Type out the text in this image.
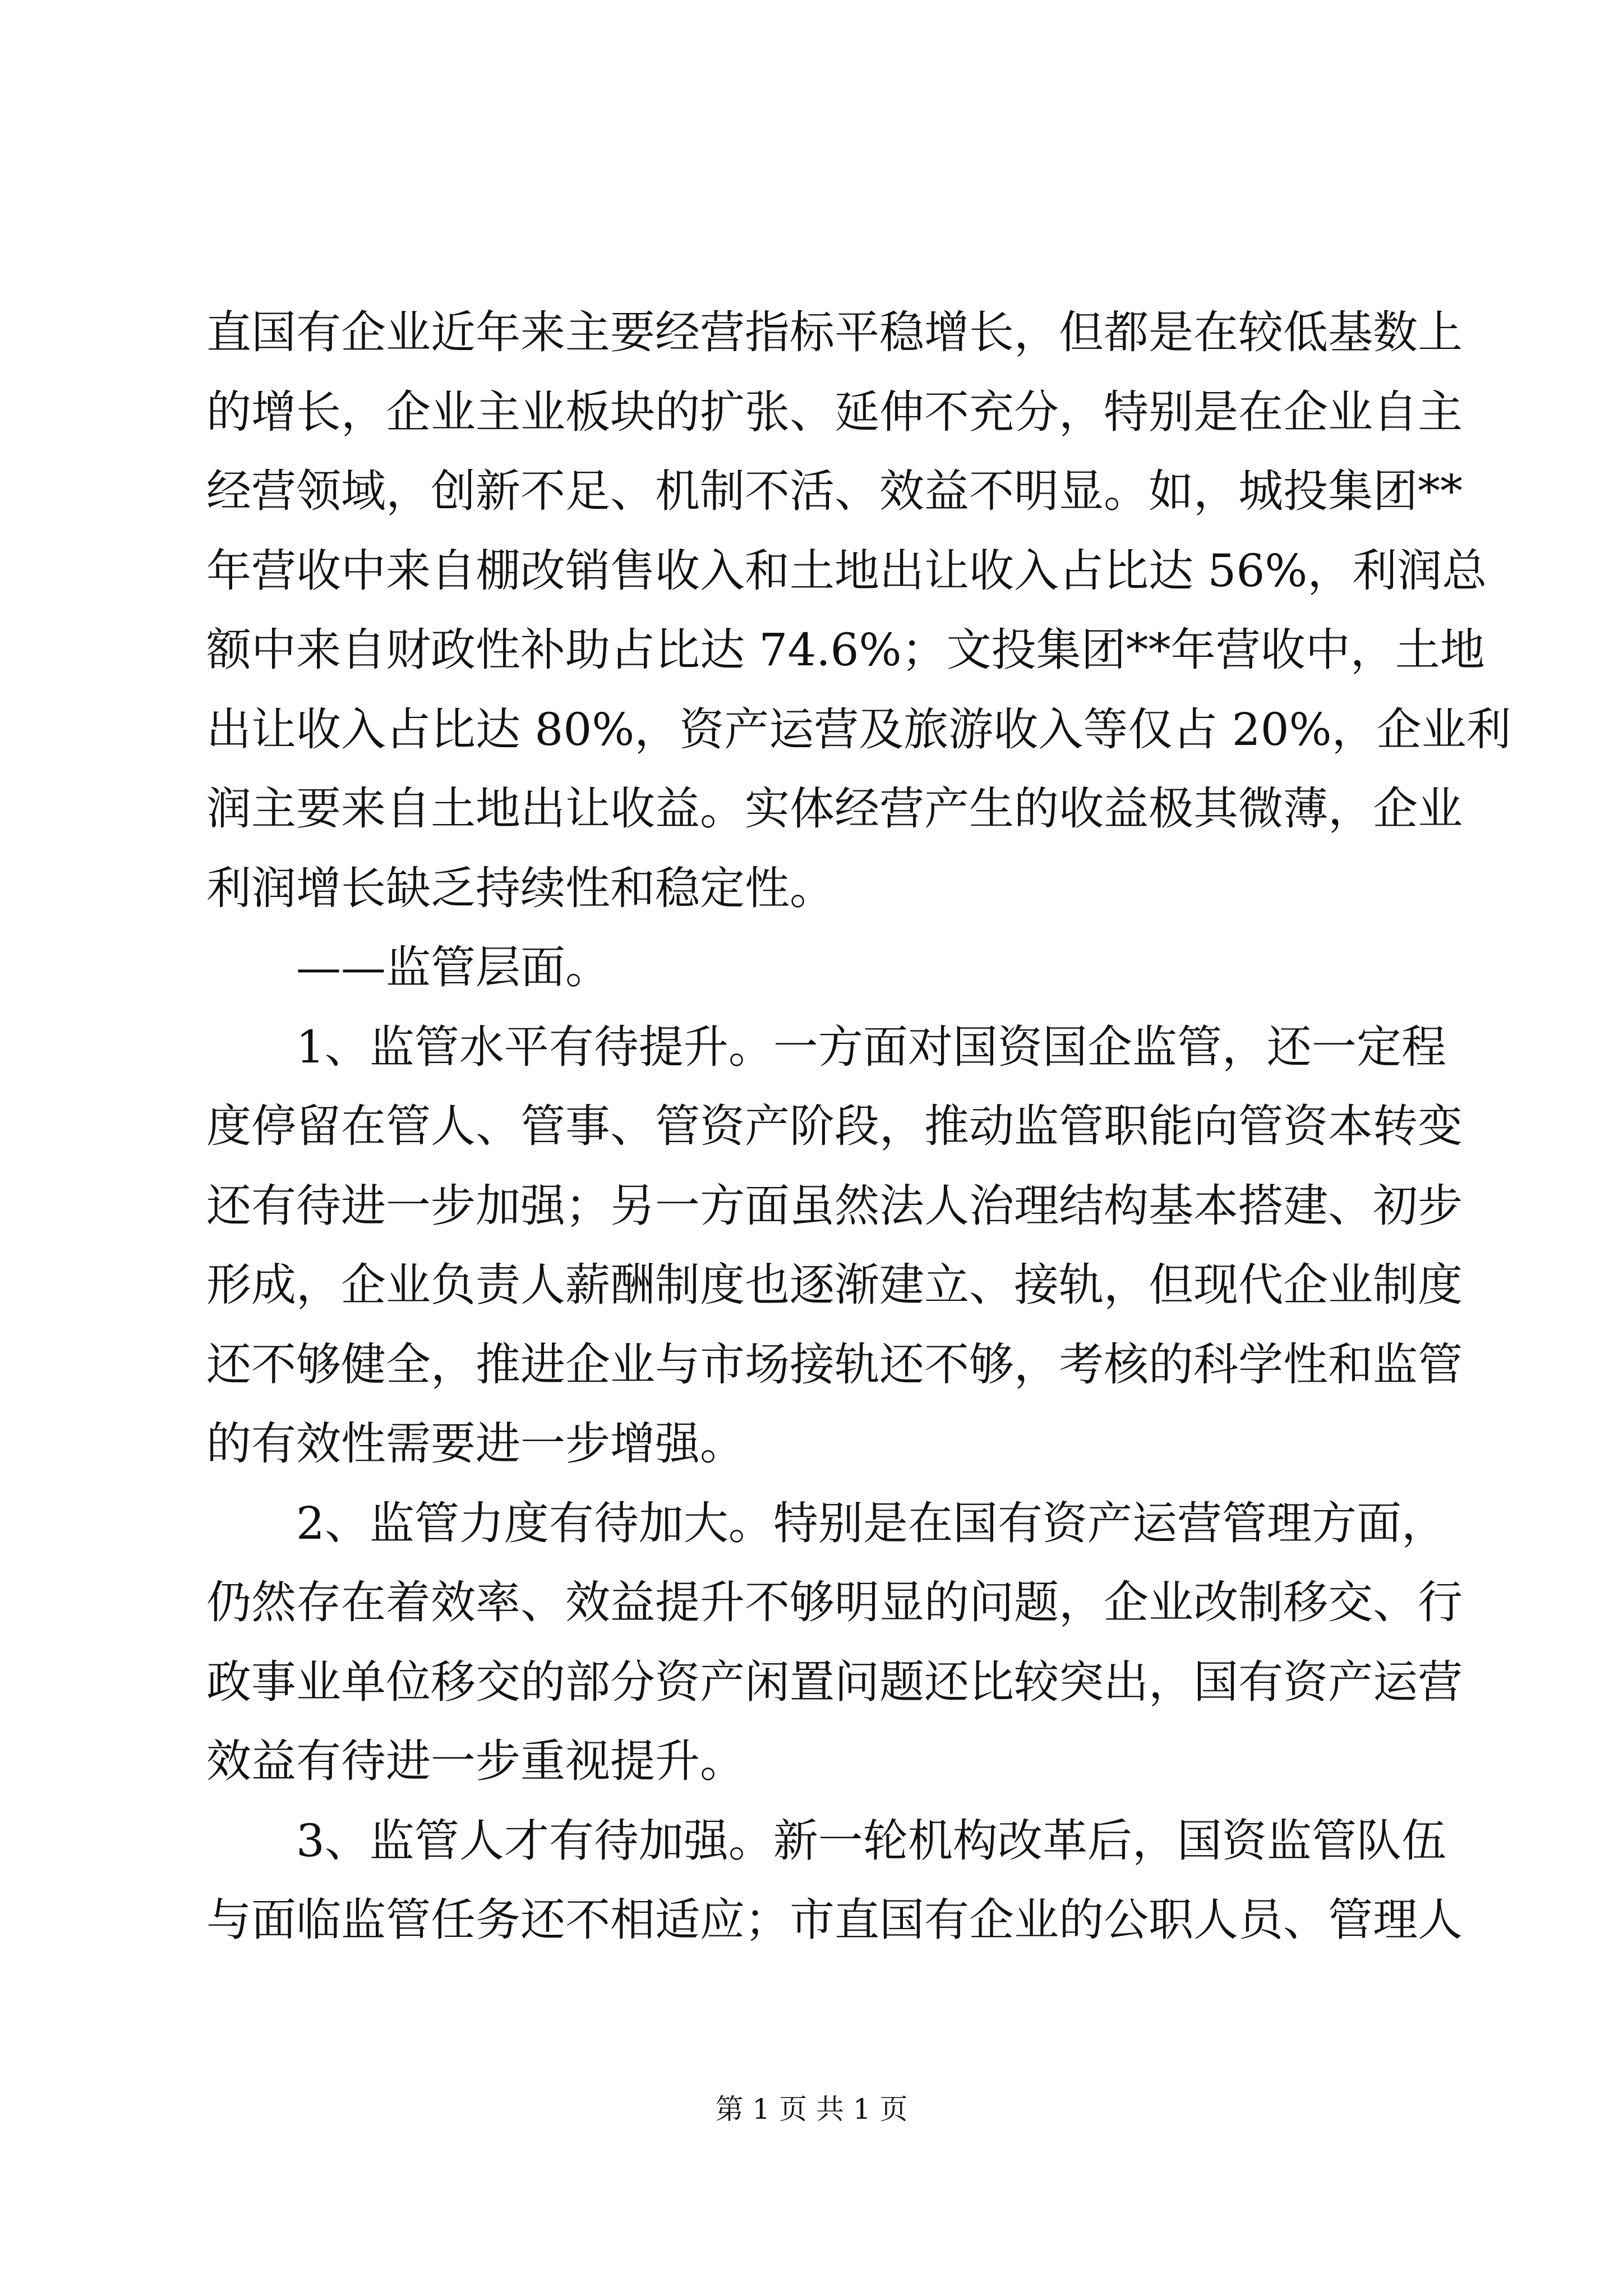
直国有企业近年来主要经营指标平稳增长，但都是在较低基数上
的增长，企业主业板块的扩张、延伸不充分，特别是在企业自主
经营领域，创新不足、机制不活、效益不明显。如，城投集团**
年营收中来自棚改销售收入和土地出让收入占比达 56%，利润总
额中来自财政性补助占比达 74.6%；文投集团**年营收中，土地
出让收入占比达 80%，资产运营及旅游收入等仅占 20%，企业利
润主要来自土地出让收益。实体经营产生的收益极其微薄，企业
利润增长缺乏持续性和稳定性。
——监管层面。
1、监管水平有待提升。一方面对国资国企监管，还一定程
度停留在管人、管事、管资产阶段，推动监管职能向管资本转变
还有待进一步加强；另一方面虽然法人治理结构基本搭建、初步
形成，企业负责人薪酬制度也逐渐建立、接轨，但现代企业制度
还不够健全，推进企业与市场接轨还不够，考核的科学性和监管
的有效性需要进一步增强。
2、监管力度有待加大。特别是在国有资产运营管理方面，
仍然存在着效率、效益提升不够明显的问题，企业改制移交、行
政事业单位移交的部分资产闲置问题还比较突出，国有资产运营
效益有待进一步重视提升。
3、监管人才有待加强。新一轮机构改革后，国资监管队伍
与面临监管任务还不相适应；市直国有企业的公职人员、管理人
第 1 页 共 1 页
